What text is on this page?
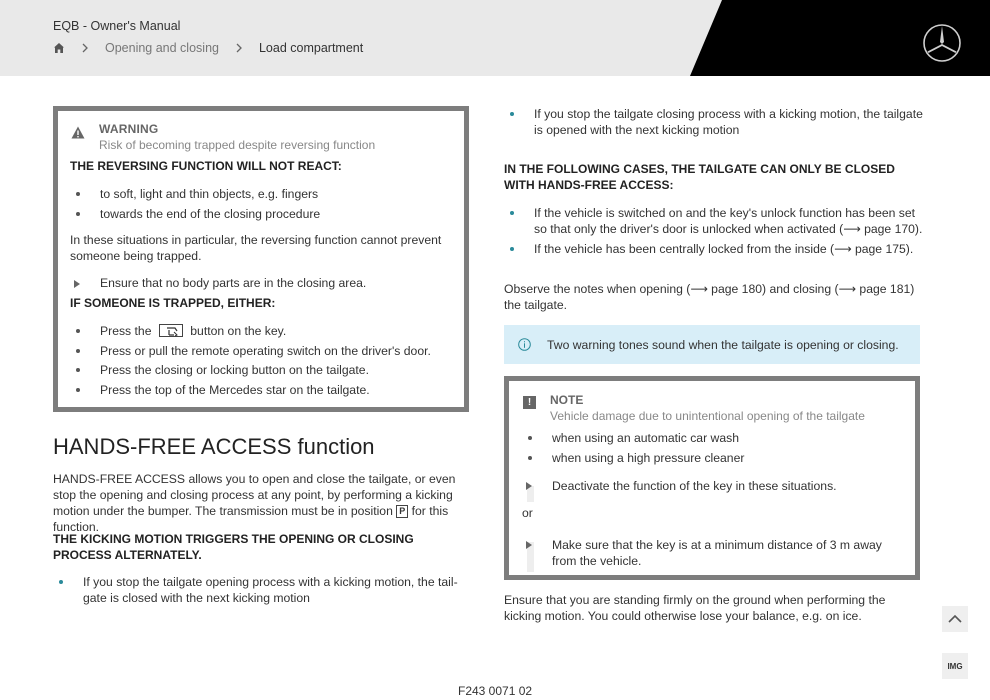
EQB - Owner's Manual
Opening and closing	Load compartment
WARNING
Risk of becoming trapped despite reversing function
THE REVERSING FUNCTION WILL NOT REACT:
to soft, light and thin objects, e.g. fingers
towards the end of the closing procedure
In these situations in particular, the reversing function cannot prevent someone being trapped.
Ensure that no body parts are in the closing area.
IF SOMEONE IS TRAPPED, EITHER:
Press the	button on the key.
Press or pull the remote operating switch on the driver's door.
Press the closing or locking button on the tailgate.
Press the top of the Mercedes star on the tailgate.
HANDS-FREE ACCESS function
HANDS-FREE ACCESS allows you to open and close the tailgate, or even stop the opening and closing process at any point, by performing a kicking motion under the bumper. The transmission must be in position P for this function.
THE KICKING MOTION TRIGGERS THE OPENING OR CLOSING PROCESS ALTERNATELY.
If you stop the tailgate opening process with a kicking motion, the tail-gate is closed with the next kicking motion
If you stop the tailgate closing process with a kicking motion, the tailgate is opened with the next kicking motion
IN THE FOLLOWING CASES, THE TAILGATE CAN ONLY BE CLOSED WITH HANDS-FREE ACCESS:
If the vehicle is switched on and the key's unlock function has been set so that only the driver's door is unlocked when activated (⟶ page 170).
If the vehicle has been centrally locked from the inside (⟶ page 175).
Observe the notes when opening (⟶ page 180) and closing (⟶ page 181) the tailgate.
Two warning tones sound when the tailgate is opening or closing.
!	NOTE
Vehicle damage due to unintentional opening of the tailgate
when using an automatic car wash
when using a high pressure cleaner
Deactivate the function of the key in these situations.
or
Make sure that the key is at a minimum distance of 3 m away from the vehicle.
Ensure that you are standing firmly on the ground when performing the kicking motion. You could otherwise lose your balance, e.g. on ice.
IMG
F243 0071 02
